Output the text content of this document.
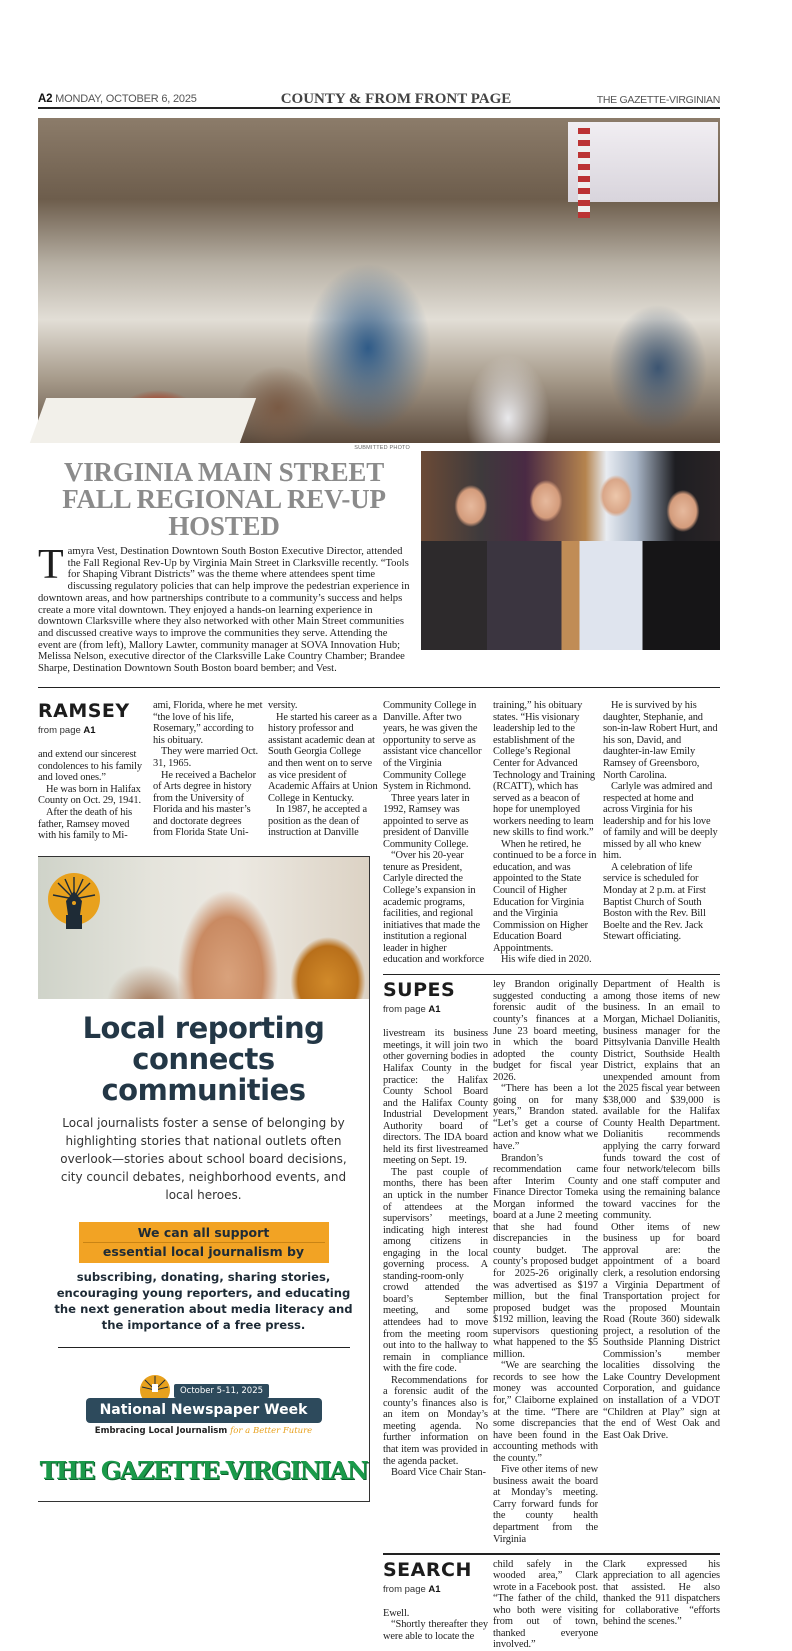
A2 MONDAY, OCTOBER 6, 2025	COUNTY & FROM FRONT PAGE	THE GAZETTE-VIRGINIAN
SUBMITTED PHOTO
VIRGINIA MAIN STREET FALL REGIONAL REV-UP HOSTED
Tamyra Vest, Destination Downtown South Boston Executive Director, attended the Fall Regional Rev-Up by Virginia Main Street in Clarksville recently. “Tools for Shaping Vibrant Districts” was the theme where attendees spent time discussing regulatory policies that can help improve the pedestrian experience in downtown areas, and how partnerships contribute to a community’s success and helps create a more vital downtown. They enjoyed a hands-on learning experience in downtown Clarksville where they also networked with other Main Street communities and discussed creative ways to improve the communities they serve. Attending the event are (from left), Mallory Lawter, community manager at SOVA Innovation Hub; Melissa Nelson, executive director of the Clarksville Lake Country Chamber; Brandee Sharpe, Destination Downtown South Boston board bember; and Vest.
RAMSEY
from page A1

and extend our sincerest condolences to his family and loved ones.”

He was born in Halifax County on Oct. 29, 1941.

After the death of his father, Ramsey moved with his family to Mi-

ami, Florida, where he met “the love of his life, Rosemary,” according to his obituary.

They were married Oct. 31, 1965.

He received a Bachelor of Arts degree in history from the University of Florida and his master’s and doctorate degrees from Florida State Uni-

versity.

He started his career as a history professor and assistant academic dean at South Georgia College and then went on to serve as vice president of Academic Affairs at Union College in Kentucky.

In 1987, he accepted a position as the dean of instruction at Danville

Local reporting connects communities
Local journalists foster a sense of belonging by highlighting stories that national outlets often overlook—stories about school board decisions, city council debates, neighborhood events, and local heroes.
We can all support
essential local journalism by
subscribing, donating, sharing stories, encouraging young reporters, and educating the next generation about media literacy and the importance of a free press.
October 5-11, 2025
National Newspaper Week
Embracing Local Journalism for a Better Future
THE GAZETTE-VIRGINIAN

Community College in Danville. After two years, he was given the opportunity to serve as assistant vice chancellor of the Virginia Community College System in Richmond.

Three years later in 1992, Ramsey was appointed to serve as president of Danville Community College.

“Over his 20-year tenure as President, Carlyle directed the College’s expansion in academic programs, facilities, and regional initiatives that made the institution a regional leader in higher education and workforce

training,” his obituary states. “His visionary leadership led to the establishment of the College’s Regional Center for Advanced Technology and Training (RCATT), which has served as a beacon of hope for unemployed workers needing to learn new skills to find work.”

When he retired, he continued to be a force in education, and was appointed to the State Council of Higher Education for Virginia and the Virginia Commission on Higher Education Board Appointments.

His wife died in 2020.

He is survived by his daughter, Stephanie, and son-in-law Robert Hurt, and his son, David, and daughter-in-law Emily Ramsey of Greensboro, North Carolina.

Carlyle was admired and respected at home and across Virginia for his leadership and for his love of family and will be deeply missed by all who knew him.

A celebration of life service is scheduled for Monday at 2 p.m. at First Baptist Church of South Boston with the Rev. Bill Boelte and the Rev. Jack Stewart officiating.

SUPES
from page A1

livestream its business meetings, it will join two other governing bodies in Halifax County in the practice: the Halifax County School Board and the Halifax County Industrial Development Authority board of directors. The IDA board held its first livestreamed meeting on Sept. 19.

The past couple of months, there has been an uptick in the number of attendees at the supervisors’ meetings, indicating high interest among citizens in engaging in the local governing process. A standing-room-only crowd attended the board’s September meeting, and some attendees had to move from the meeting room out into to the hallway to remain in compliance with the fire code.

Recommendations for a forensic audit of the county’s finances also is an item on Monday’s meeting agenda. No further information on that item was provided in the agenda packet.

Board Vice Chair Stan-

ley Brandon originally suggested conducting a forensic audit of the county’s finances at a June 23 board meeting, in which the board adopted the county budget for fiscal year 2026.

“There has been a lot going on for many years,” Brandon stated. “Let’s get a course of action and know what we have.”

Brandon’s recommendation came after Interim County Finance Director Tomeka Morgan informed the board at a June 2 meeting that she had found discrepancies in the county budget. The county’s proposed budget for 2025-26 originally was advertised as $197 million, but the final proposed budget was $192 million, leaving the supervisors questioning what happened to the $5 million.

“We are searching the records to see how the money was accounted for,” Claiborne explained at the time. “There are some discrepancies that have been found in the accounting methods with the county.”

Five other items of new business await the board at Monday’s meeting. Carry forward funds for the county health department from the Virginia

Department of Health is among those items of new business. In an email to Morgan, Michael Dolianitis, business manager for the Pittsylvania Danville Health District, Southside Health District, explains that an unexpended amount from the 2025 fiscal year between $38,000 and $39,000 is available for the Halifax County Health Department. Dolianitis recommends applying the carry forward funds toward the cost of four network/telecom bills and one staff computer and using the remaining balance toward vaccines for the community.

Other items of new business up for board approval are: the appointment of a board clerk, a resolution endorsing a Virginia Department of Transportation project for the proposed Mountain Road (Route 360) sidewalk project, a resolution of the Southside Planning District Commission’s member localities dissolving the Lake Country Development Corporation, and guidance on installation of a VDOT “Children at Play” sign at the end of West Oak and East Oak Drive.

SEARCH
from page A1

Ewell.

“Shortly thereafter they were able to locate the

child safely in the wooded area,” Clark wrote in a Facebook post. “The father of the child, who both were visiting from out of town, thanked everyone involved.”

Clark expressed his appreciation to all agencies that assisted. He also thanked the 911 dispatchers for collaborative “efforts behind the scenes.”
